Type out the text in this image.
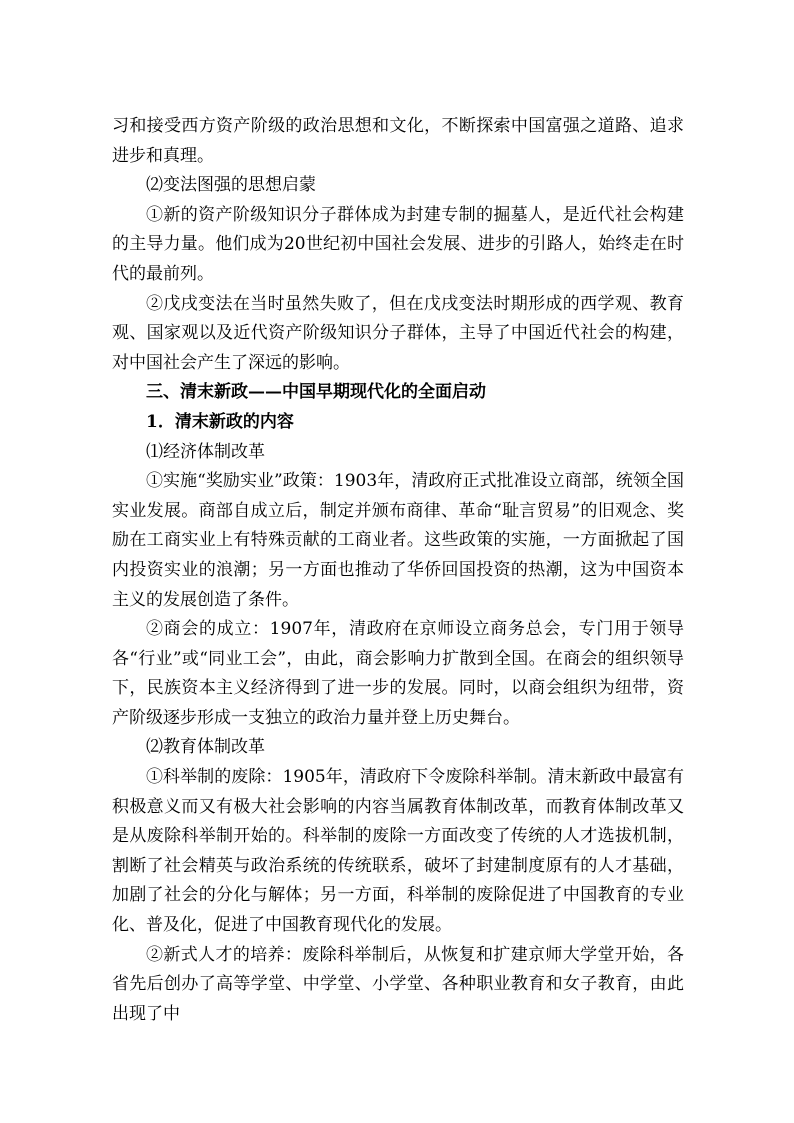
习和接受西方资产阶级的政治思想和文化，不断探索中国富强之道路、追求进步和真理。

⑵变法图强的思想启蒙

①新的资产阶级知识分子群体成为封建专制的掘墓人，是近代社会构建的主导力量。他们成为20世纪初中国社会发展、进步的引路人，始终走在时代的最前列。

②戊戌变法在当时虽然失败了，但在戊戌变法时期形成的西学观、教育观、国家观以及近代资产阶级知识分子群体，主导了中国近代社会的构建，对中国社会产生了深远的影响。

三、清末新政——中国早期现代化的全面启动

1．清末新政的内容

⑴经济体制改革

①实施“奖励实业”政策：1903年，清政府正式批准设立商部，统领全国实业发展。商部自成立后，制定并颁布商律、革命“耻言贸易”的旧观念、奖励在工商实业上有特殊贡献的工商业者。这些政策的实施，一方面掀起了国内投资实业的浪潮；另一方面也推动了华侨回国投资的热潮，这为中国资本主义的发展创造了条件。

②商会的成立：1907年，清政府在京师设立商务总会，专门用于领导各“行业”或“同业工会”，由此，商会影响力扩散到全国。在商会的组织领导下，民族资本主义经济得到了进一步的发展。同时，以商会组织为纽带，资产阶级逐步形成一支独立的政治力量并登上历史舞台。

⑵教育体制改革

①科举制的废除：1905年，清政府下令废除科举制。清末新政中最富有积极意义而又有极大社会影响的内容当属教育体制改革，而教育体制改革又是从废除科举制开始的。科举制的废除一方面改变了传统的人才选拔机制，割断了社会精英与政治系统的传统联系，破坏了封建制度原有的人才基础，加剧了社会的分化与解体；另一方面，科举制的废除促进了中国教育的专业化、普及化，促进了中国教育现代化的发展。

②新式人才的培养：废除科举制后，从恢复和扩建京师大学堂开始，各省先后创办了高等学堂、中学堂、小学堂、各种职业教育和女子教育，由此出现了中
